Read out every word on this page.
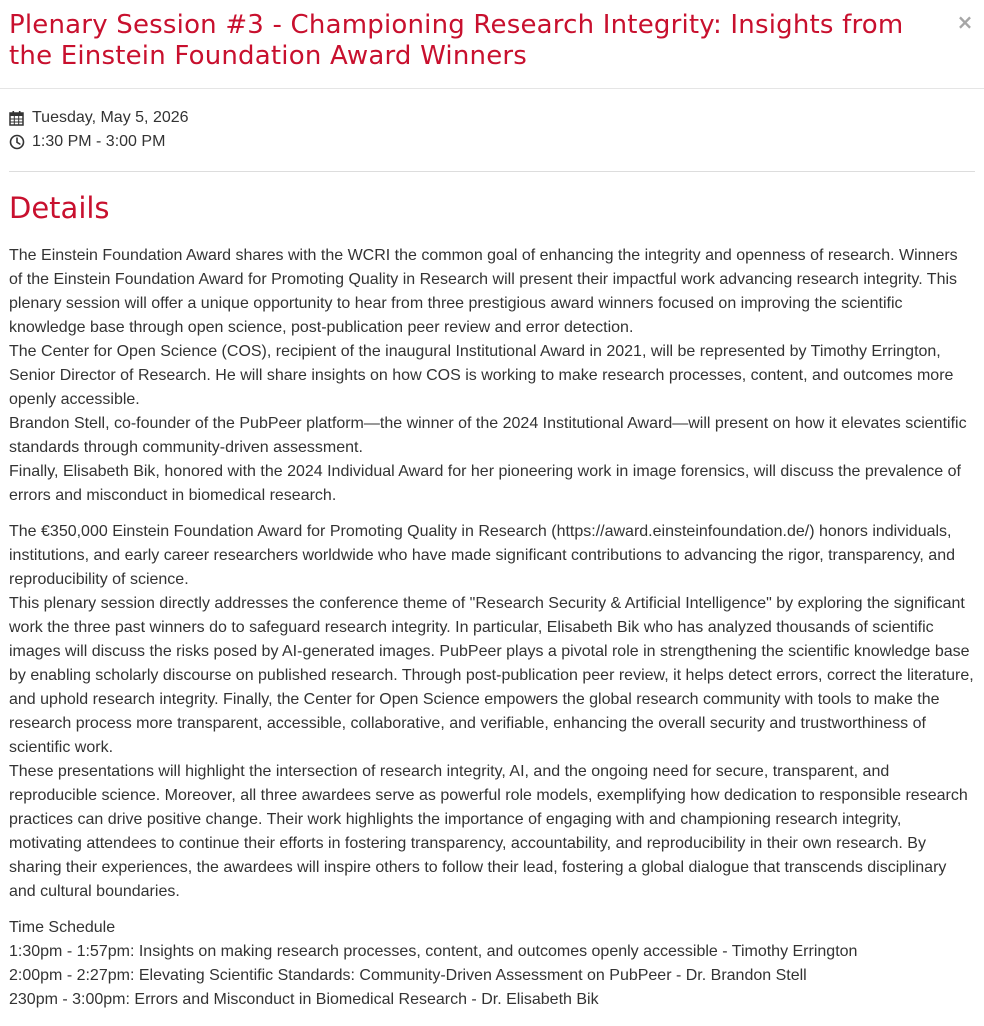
Plenary Session #3 - Championing Research Integrity: Insights from the Einstein Foundation Award Winners
×
Tuesday, May 5, 2026
1:30 PM - 3:00 PM
Details

The Einstein Foundation Award shares with the WCRI the common goal of enhancing the integrity and openness of research. Winners of the Einstein Foundation Award for Promoting Quality in Research will present their impactful work advancing research integrity. This plenary session will offer a unique opportunity to hear from three prestigious award winners focused on improving the scientific knowledge base through open science, post-publication peer review and error detection.

The Center for Open Science (COS), recipient of the inaugural Institutional Award in 2021, will be represented by Timothy Errington, Senior Director of Research. He will share insights on how COS is working to make research processes, content, and outcomes more openly accessible.

Brandon Stell, co-founder of the PubPeer platform—the winner of the 2024 Institutional Award—will present on how it elevates scientific standards through community-driven assessment.

Finally, Elisabeth Bik, honored with the 2024 Individual Award for her pioneering work in image forensics, will discuss the prevalence of errors and misconduct in biomedical research.

The €350,000 Einstein Foundation Award for Promoting Quality in Research (https://award.einsteinfoundation.de/) honors individuals, institutions, and early career researchers worldwide who have made significant contributions to advancing the rigor, transparency, and reproducibility of science.

This plenary session directly addresses the conference theme of "Research Security & Artificial Intelligence" by exploring the significant work the three past winners do to safeguard research integrity. In particular, Elisabeth Bik who has analyzed thousands of scientific images will discuss the risks posed by AI-generated images. PubPeer plays a pivotal role in strengthening the scientific knowledge base by enabling scholarly discourse on published research. Through post-publication peer review, it helps detect errors, correct the literature, and uphold research integrity. Finally, the Center for Open Science empowers the global research community with tools to make the research process more transparent, accessible, collaborative, and verifiable, enhancing the overall security and trustworthiness of scientific work.

These presentations will highlight the intersection of research integrity, AI, and the ongoing need for secure, transparent, and reproducible science. Moreover, all three awardees serve as powerful role models, exemplifying how dedication to responsible research practices can drive positive change. Their work highlights the importance of engaging with and championing research integrity, motivating attendees to continue their efforts in fostering transparency, accountability, and reproducibility in their own research. By sharing their experiences, the awardees will inspire others to follow their lead, fostering a global dialogue that transcends disciplinary and cultural boundaries.

Time Schedule

1:30pm - 1:57pm: Insights on making research processes, content, and outcomes openly accessible - Timothy Errington

2:00pm - 2:27pm: Elevating Scientific Standards: Community-Driven Assessment on PubPeer - Dr. Brandon Stell

230pm - 3:00pm: Errors and Misconduct in Biomedical Research - Dr. Elisabeth Bik
